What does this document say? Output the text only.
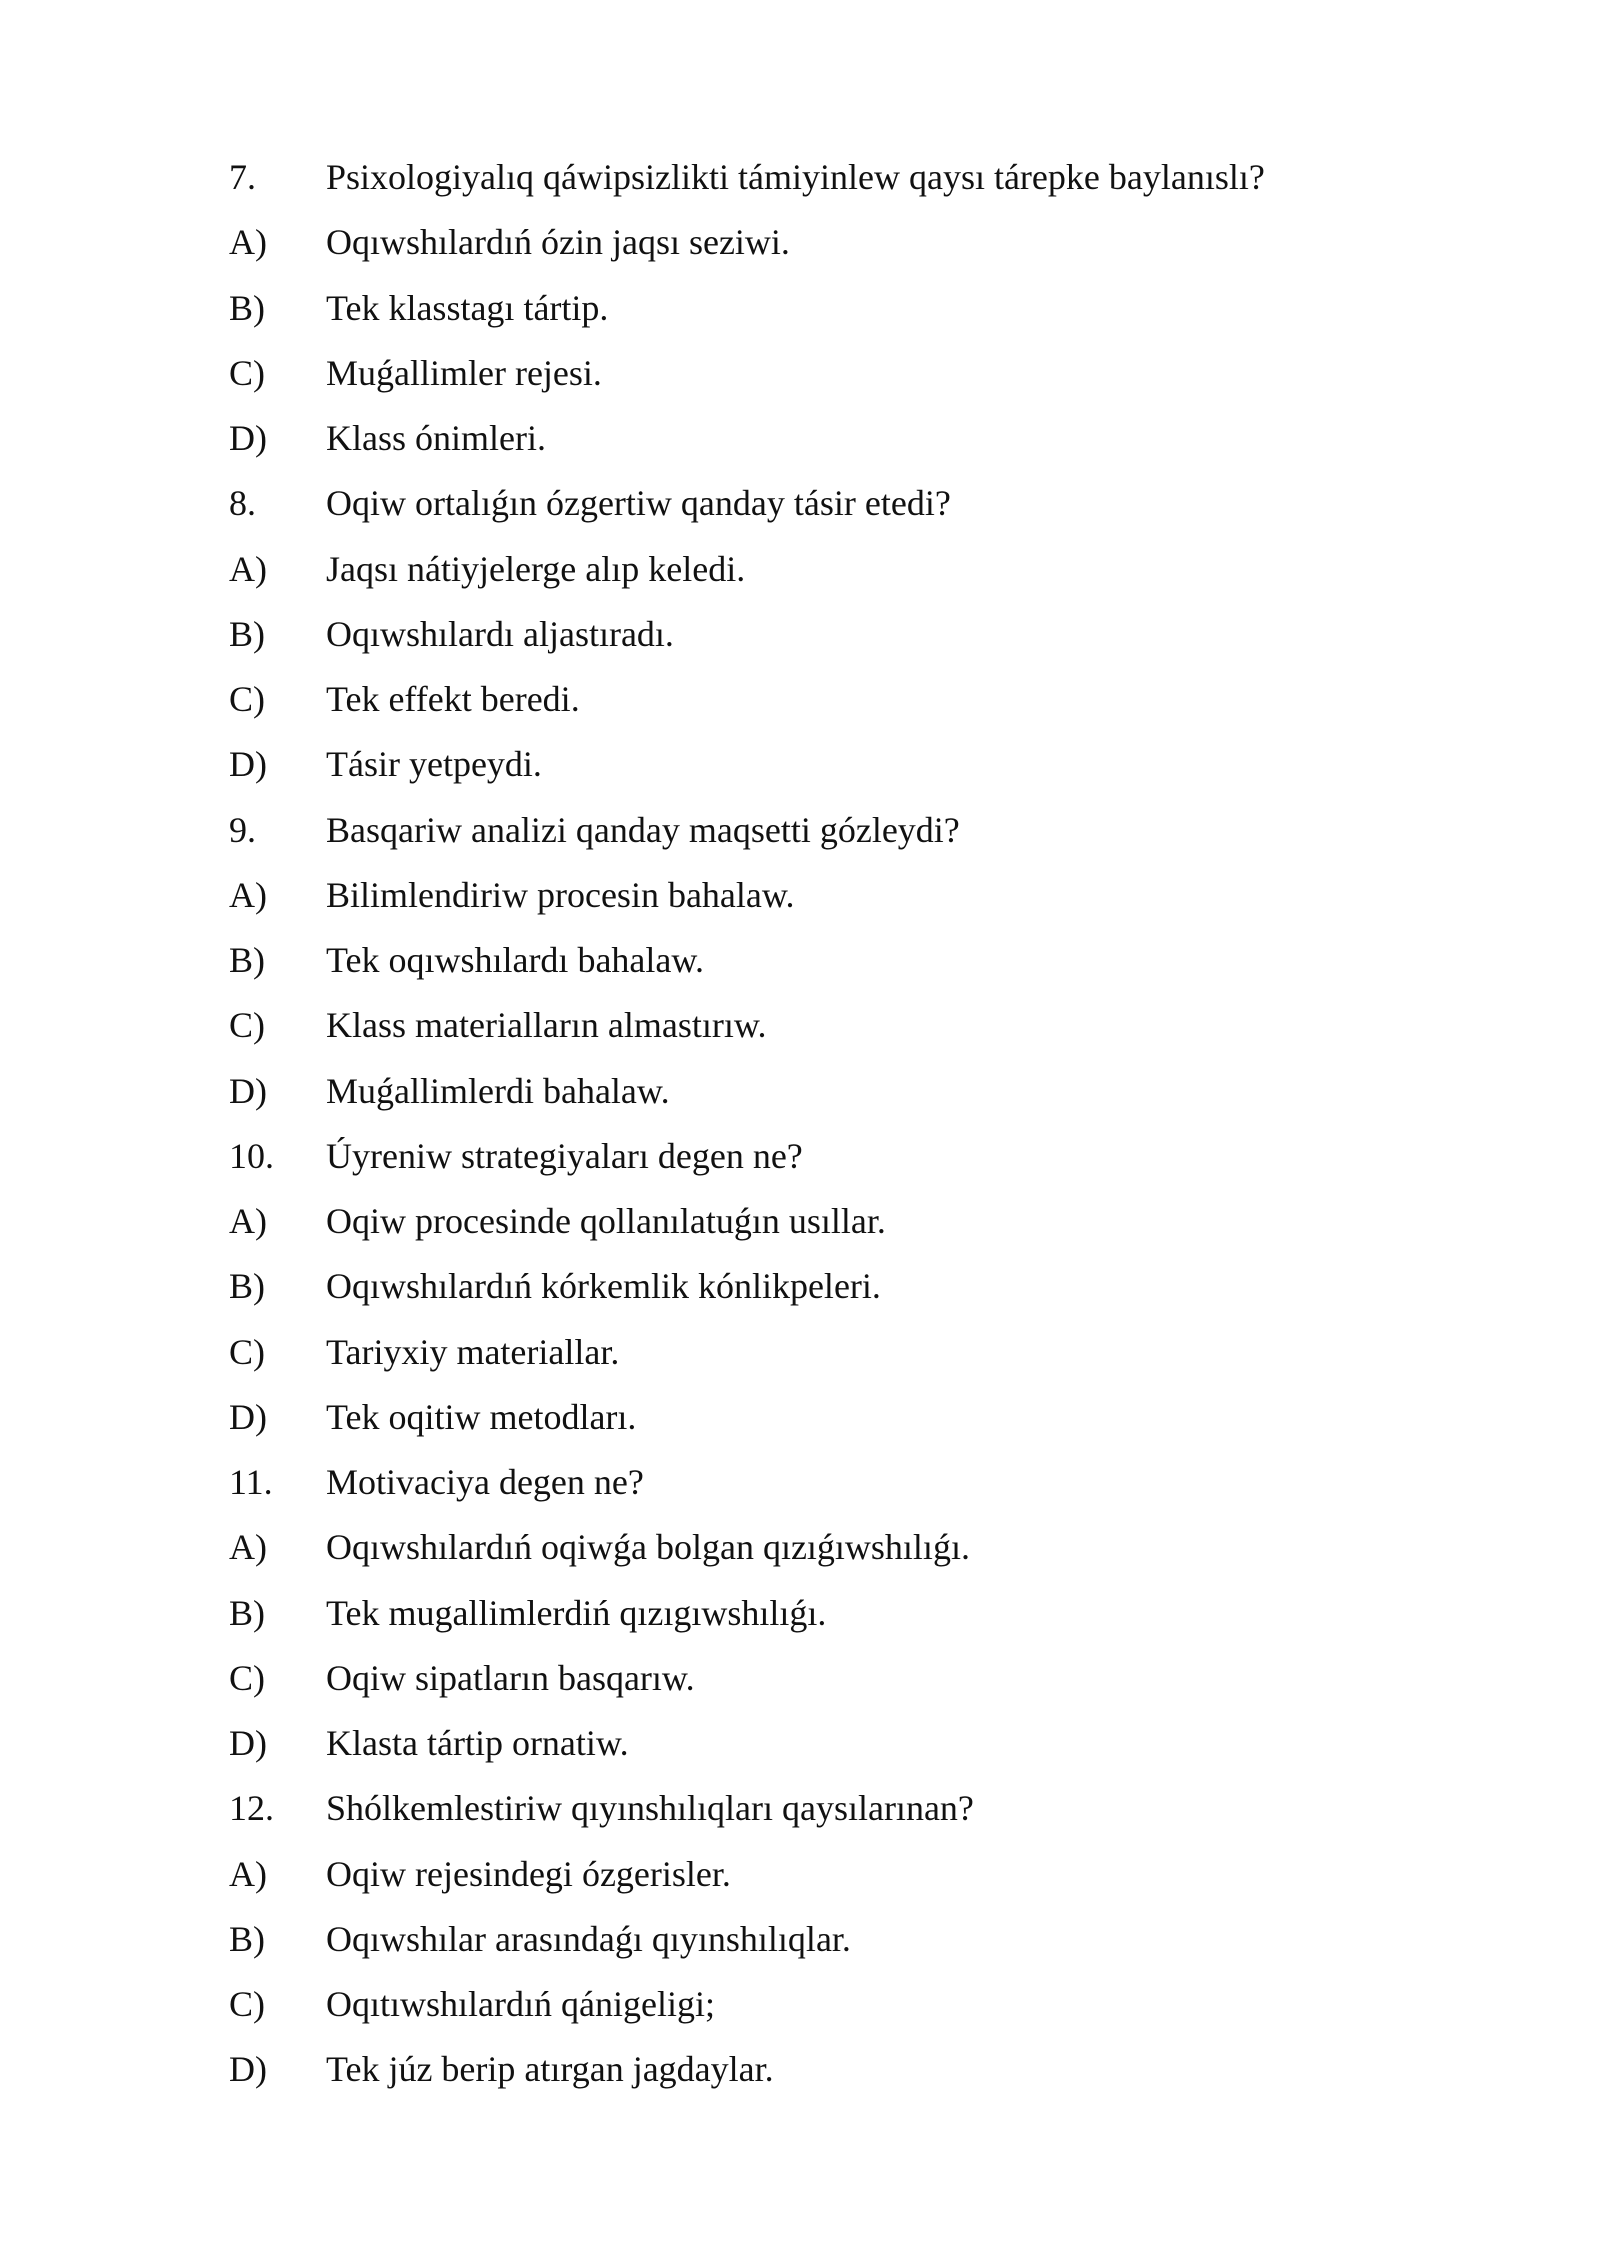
7.	Psixologiyalıq qáwipsizlikti támiyinlew qaysı tárepke baylanıslı?
A)	Oqıwshılardıń ózin jaqsı seziwi.
B)	Tek klasstagı tártip.
C)	Muǵallimler rejesi.
D)	Klass ónimleri.
8.	Oqiw ortalıǵın ózgertiw qanday tásir etedi?
A)	Jaqsı nátiyjelerge alıp keledi.
B)	Oqıwshılardı aljastıradı.
C)	Tek effekt beredi.
D)	Tásir yetpeydi.
9.	Basqariw analizi qanday maqsetti gózleydi?
A)	Bilimlendiriw procesin bahalaw.
B)	Tek oqıwshılardı bahalaw.
C)	Klass materialların almastırıw.
D)	Muǵallimlerdi bahalaw.
10.	Úyreniw strategiyaları degen ne?
A)	Oqiw procesinde qollanılatuǵın usıllar.
B)	Oqıwshılardıń kórkemlik kónlikpeleri.
C)	Tariyxiy materiallar.
D)	Tek oqitiw metodları.
11.	Motivaciya degen ne?
A)	Oqıwshılardıń oqiwǵa bolgan qızıǵıwshılıǵı.
B)	Tek mugallimlerdiń qızıgıwshılıǵı.
C)	Oqiw sipatların basqarıw.
D)	Klasta tártip ornatiw.
12.	Shólkemlestiriw qıyınshılıqları qaysılarınan?
A)	Oqiw rejesindegi ózgerisler.
B)	Oqıwshılar arasındaǵı qıyınshılıqlar.
C)	Oqıtıwshılardıń qánigeligi;
D)	Tek júz berip atırgan jagdaylar.
